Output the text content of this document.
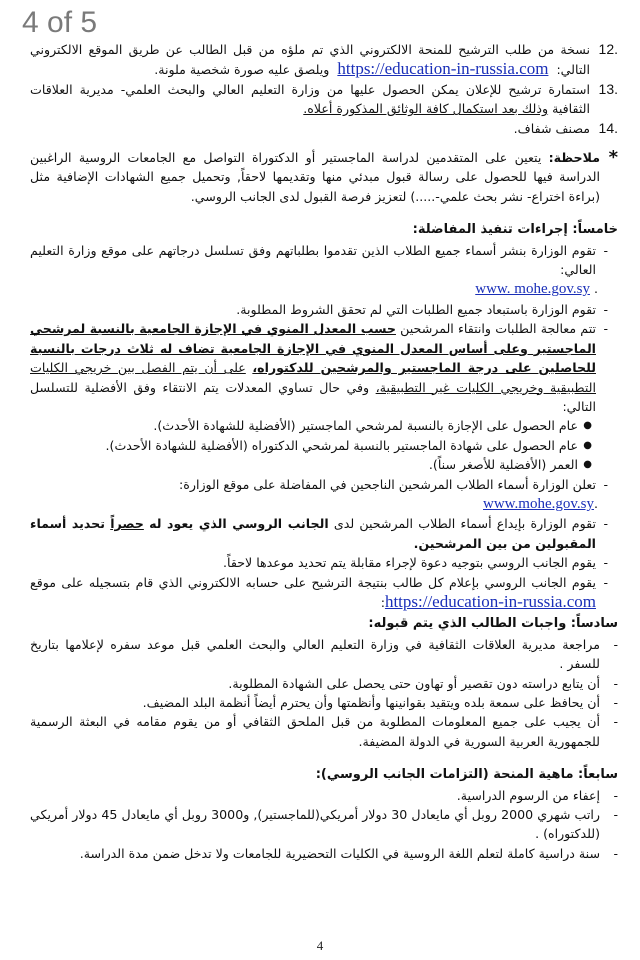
4 of 5
.12
نسخة من طلب الترشيح للمنحة الالكتروني الذي تم ملؤه من قبل الطالب عن طريق الموقع الالكتروني التالي:  https://education-in-russia.com  ويلصق عليه صورة شخصية ملونة.
.13
استمارة ترشيح للإعلان يمكن الحصول عليها من وزارة التعليم العالي والبحث العلمي- مديرية العلاقات الثقافية وذلك بعد استكمال كافة الوثائق المذكورة أعلاه.
.14
مصنف شفاف.
*
ملاحظة: يتعين على المتقدمين لدراسة الماجستير أو الدكتوراة التواصل مع الجامعات الروسية الراغبين الدراسة فيها للحصول على رسالة قبول مبدئي منها وتقديمها لاحقاً, وتحميل جميع الشهادات الإضافية مثل (براءة اختراع- نشر بحث علمي-.....) لتعزيز فرصة القبول لدى الجانب الروسي.
خامساً: إجراءات تنفيذ المفاضلة:
-
تقوم الوزارة بنشر أسماء جميع الطلاب الذين تقدموا بطلباتهم وفق تسلسل درجاتهم على موقع وزارة التعليم العالي:
. www. mohe.gov.sy
-
تقوم الوزارة باستبعاد جميع الطلبات التي لم تحقق الشروط المطلوبة.
-
تتم معالجة الطلبات وانتقاء المرشحين حسب المعدل المنوي في الإجازة الجامعية بالنسبة لمرشحي الماجستير وعلى أساس المعدل المنوي في الإجازة الجامعية تضاف له ثلاث درجات بالنسبة للحاصلين على درجة الماجستير والمرشحين للدكتوراه، على أن يتم الفصل بين خريجي الكليات التطبيقية وخريجي الكليات غير التطبيقية، وفي حال تساوي المعدلات يتم الانتقاء وفق الأفضلية للتسلسل التالي:
●
عام الحصول على الإجازة بالنسبة لمرشحي الماجستير (الأفضلية للشهادة الأحدث).
●
عام الحصول على شهادة الماجستير بالنسبة لمرشحي الدكتوراه (الأفضلية للشهادة الأحدث).
●
العمر (الأفضلية للأصغر سناً).
-
تعلن الوزارة أسماء الطلاب المرشحين الناجحين في المفاضلة على موقع الوزارة:
.www.mohe.gov.sy
-
تقوم الوزارة بإيداع أسماء الطلاب المرشحين لدى الجانب الروسي الذي يعود له حصراً تحديد أسماء المقبولين من بين المرشحين.
-
يقوم الجانب الروسي بتوجيه دعوة لإجراء مقابلة يتم تحديد موعدها لاحقاً.
-
يقوم الجانب الروسي بإعلام كل طالب بنتيجة الترشيح على حسابه الالكتروني الذي قام بتسجيله على موقع https://education-in-russia.com:
سادساً: واجبات الطالب الذي يتم قبوله:
-
مراجعة مديرية العلاقات الثقافية في وزارة التعليم العالي والبحث العلمي قبل موعد سفره لإعلامها بتاريخ للسفر .
-
أن يتابع دراسته دون تقصير أو تهاون حتى يحصل على الشهادة المطلوبة.
-
أن يحافظ على سمعة بلده ويتقيد بقوانينها وأنظمتها وأن يحترم أيضاً أنظمة البلد المضيف.
-
أن يجيب على جميع المعلومات المطلوبة من قبل الملحق الثقافي أو من يقوم مقامه في البعثة الرسمية للجمهورية العربية السورية في الدولة المضيفة.
سابعاً: ماهية المنحة (التزامات الجانب الروسي):
-
إعفاء من الرسوم الدراسية.
-
راتب شهري 2000 روبل أي مايعادل 30 دولار أمريكي(للماجستير), و3000 روبل أي مايعادل 45 دولار أمريكي (للدكتوراه) .
-
سنة دراسية كاملة لتعلم اللغة الروسية في الكليات التحضيرية للجامعات ولا تدخل ضمن مدة الدراسة.
4
